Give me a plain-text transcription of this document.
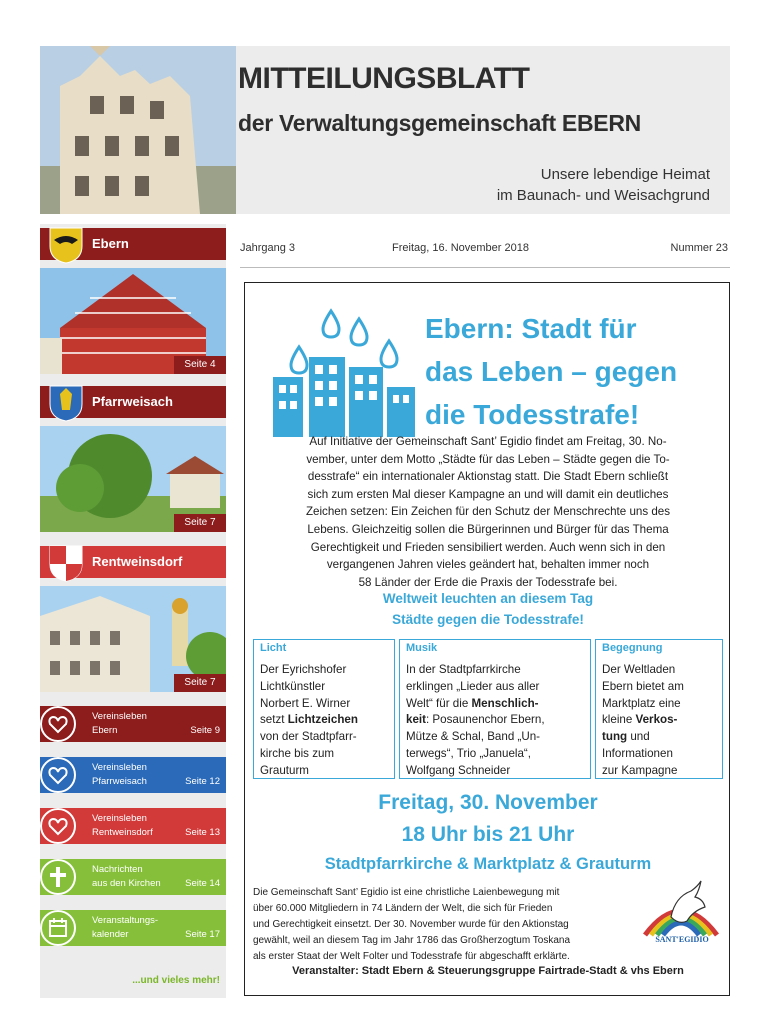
MITTEILUNGSBLATT
der Verwaltungsgemeinschaft EBERN
Unsere lebendige Heimat
im Baunach- und Weisachgrund
Ebern
Seite 4
Pfarrweisach
Seite 7
Rentweinsdorf
Seite 7
Vereinsleben
Ebern	Seite 9
Vereinsleben
Pfarrweisach	Seite 12
Vereinsleben
Rentweinsdorf	Seite 13
Nachrichten
aus den Kirchen	Seite 14
Veranstaltungs-
kalender	Seite 17
...und vieles mehr!
Jahrgang 3	Freitag, 16. November 2018	Nummer 23
Ebern: Stadt für
das Leben – gegen
die Todesstrafe!
Auf Initiative der Gemeinschaft Sant’ Egidio findet am Freitag, 30. No-
vember, unter dem Motto „Städte für das Leben – Städte gegen die To-
desstrafe“ ein internationaler Aktionstag statt. Die Stadt Ebern schließt
sich zum ersten Mal dieser Kampagne an und will damit ein deutliches
Zeichen setzen: Ein Zeichen für den Schutz der Menschrechte uns des
Lebens. Gleichzeitig sollen die Bürgerinnen und Bürger für das Thema
Gerechtigkeit und Frieden sensibiliert werden. Auch wenn sich in den
vergangenen Jahren vieles geändert hat, behalten immer noch
58 Länder der Erde die Praxis der Todesstrafe bei.
Weltweit leuchten an diesem Tag
Städte gegen die Todesstrafe!
Licht
Der Eyrichshofer
Lichtkünstler
Norbert E. Wirner
setzt Lichtzeichen
von der Stadtpfarr-
kirche bis zum
Grauturm
Musik
In der Stadtpfarrkirche
erklingen „Lieder aus aller
Welt“ für die Menschlich-
keit: Posaunenchor Ebern,
Mütze & Schal, Band „Un-
terwegs“, Trio „Januela“,
Wolfgang Schneider
Begegnung
Der Weltladen
Ebern bietet am
Marktplatz eine
kleine Verkos-
tung und
Informationen
zur Kampagne
Freitag, 30. November
18 Uhr bis 21 Uhr
Stadtpfarrkirche & Marktplatz & Grauturm
Die Gemeinschaft Sant’ Egidio ist eine christliche Laienbewegung mit
über 60.000 Mitgliedern in 74 Ländern der Welt, die sich für Frieden
und Gerechtigkeit einsetzt. Der 30. November wurde für den Aktionstag
gewählt, weil an diesem Tag im Jahr 1786 das Großherzogtum Toskana
als erster Staat der Welt Folter und Todesstrafe für abgeschafft erklärte.
SANT'EGIDIO
Veranstalter: Stadt Ebern & Steuerungsgruppe Fairtrade-Stadt & vhs Ebern
